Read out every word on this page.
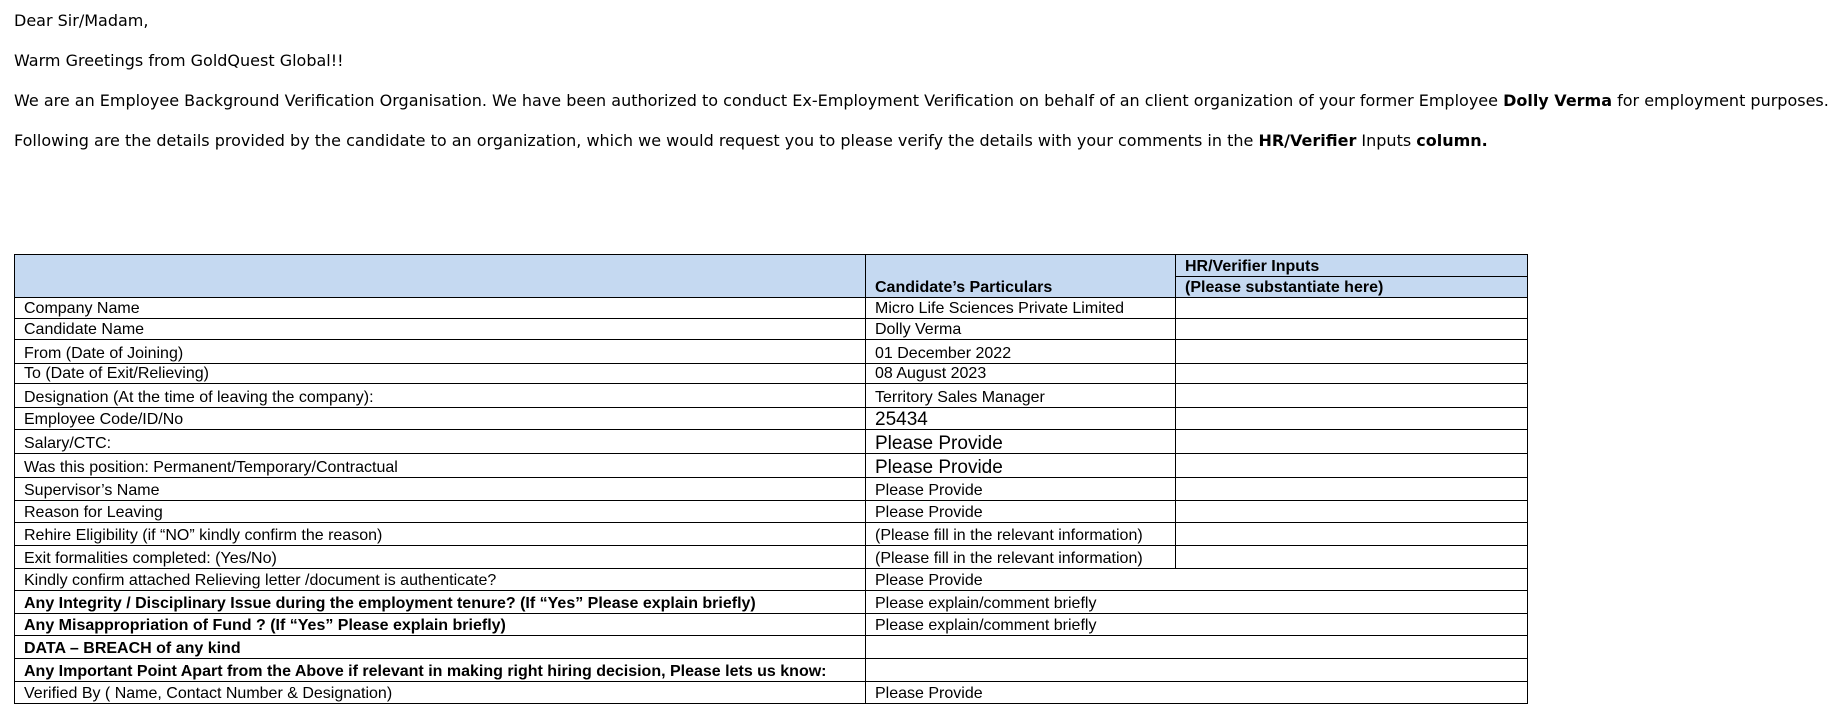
Dear Sir/Madam,

Warm Greetings from GoldQuest Global!!

We are an Employee Background Verification Organisation. We have been authorized to conduct Ex-Employment Verification on behalf of an client organization of your former Employee Dolly Verma for employment purposes.

Following are the details provided by the candidate to an organization, which we would request you to please verify the details with your comments in the HR/Verifier Inputs column.

	Candidate’s Particulars	HR/Verifier Inputs
		(Please substantiate here)
Company Name	Micro Life Sciences Private Limited	
Candidate Name	Dolly Verma	
From (Date of Joining)	01 December 2022	
To (Date of Exit/Relieving)	08 August 2023	
Designation (At the time of leaving the company):	Territory Sales Manager	
Employee Code/ID/No	25434	
Salary/CTC:	Please Provide	
Was this position: Permanent/Temporary/Contractual	Please Provide	
Supervisor’s Name	Please Provide	
Reason for Leaving	Please Provide	
Rehire Eligibility (if “NO” kindly confirm the reason)	(Please fill in the relevant information)	
Exit formalities completed: (Yes/No)	(Please fill in the relevant information)	
Kindly confirm attached Relieving letter /document is authenticate?	Please Provide	
Any Integrity / Disciplinary Issue during the employment tenure? (If “Yes” Please explain briefly)	Please explain/comment briefly	
Any Misappropriation of Fund ? (If “Yes” Please explain briefly)	Please explain/comment briefly	
DATA – BREACH of any kind		
Any Important Point Apart from the Above if relevant in making right hiring decision, Please lets us know:		
Verified By ( Name, Contact Number & Designation)	Please Provide	
